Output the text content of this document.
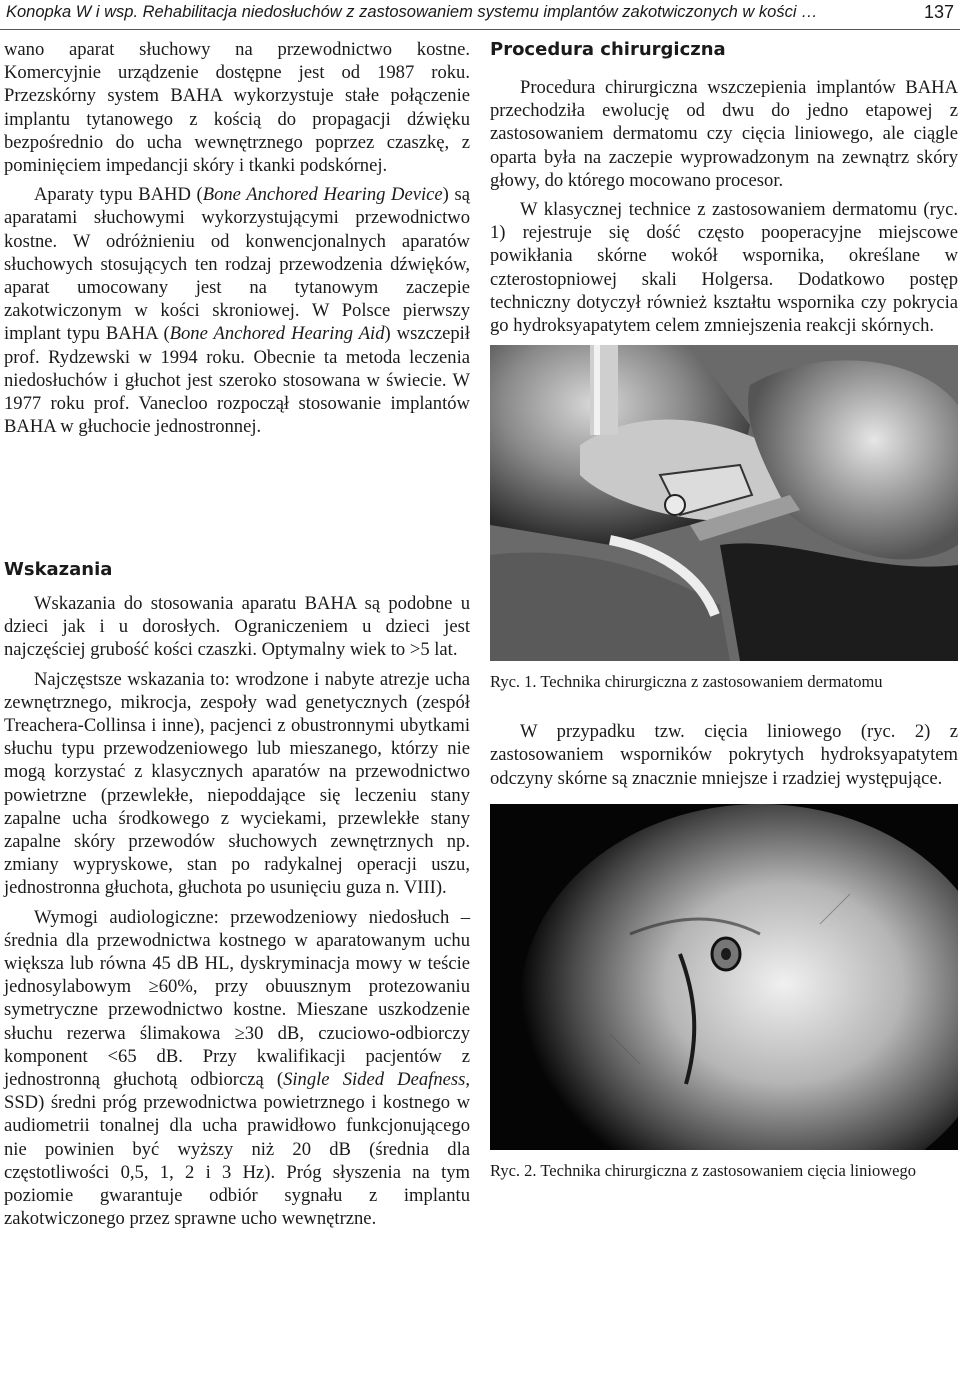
Konopka W i wsp. Rehabilitacja niedosłuchów z zastosowaniem systemu implantów zakotwiczonych w kości …	137

wano aparat słuchowy na przewodnictwo kostne. Komercyjnie urządzenie dostępne jest od 1987 roku. Przezskórny system BAHA wykorzystuje stałe połączenie implantu tytanowego z kością do propagacji dźwięku bezpośrednio do ucha wewnętrznego poprzez czaszkę, z pominięciem impedancji skóry i tkanki podskórnej.

Aparaty typu BAHD (Bone Anchored Hearing Device) są aparatami słuchowymi wykorzystującymi przewodnictwo kostne. W odróżnieniu od konwencjonalnych aparatów słuchowych stosujących ten rodzaj przewodzenia dźwięków, aparat umocowany jest na tytanowym zaczepie zakotwiczonym w kości skroniowej. W Polsce pierwszy implant typu BAHA (Bone Anchored Hearing Aid) wszczepił prof. Rydzewski w 1994 roku. Obecnie ta metoda leczenia niedosłuchów i głuchot jest szeroko stosowana w świecie. W 1977 roku prof. Vanecloo rozpoczął stosowanie implantów BAHA w głuchocie jednostronnej.

Wskazania

Wskazania do stosowania aparatu BAHA są podobne u dzieci jak i u dorosłych. Ograniczeniem u dzieci jest najczęściej grubość kości czaszki. Optymalny wiek to >5 lat.

Najczęstsze wskazania to: wrodzone i nabyte atrezje ucha zewnętrznego, mikrocja, zespoły wad genetycznych (zespół Treachera-Collinsa i inne), pacjenci z obustronnymi ubytkami słuchu typu przewodzeniowego lub mieszanego, którzy nie mogą korzystać z klasycznych aparatów na przewodnictwo powietrzne (przewlekłe, niepoddające się leczeniu stany zapalne ucha środkowego z wyciekami, przewlekłe stany zapalne skóry przewodów słuchowych zewnętrznych np. zmiany wypryskowe, stan po radykalnej operacji uszu, jednostronna głuchota, głuchota po usunięciu guza n. VIII).

Wymogi audiologiczne: przewodzeniowy niedosłuch – średnia dla przewodnictwa kostnego w aparatowanym uchu większa lub równa 45 dB HL, dyskryminacja mowy w teście jednosylabowym ≥60%, przy obuusznym protezowaniu symetryczne przewodnictwo kostne. Mieszane uszkodzenie słuchu rezerwa ślimakowa ≥30 dB, czuciowo-odbiorczy komponent <65 dB. Przy kwalifikacji pacjentów z jednostronną głuchotą odbiorczą (Single Sided Deafness, SSD) średni próg przewodnictwa powietrznego i kostnego w audiometrii tonalnej dla ucha prawidłowo funkcjonującego nie powinien być wyższy niż 20 dB (średnia dla częstotliwości 0,5, 1, 2 i 3 Hz). Próg słyszenia na tym poziomie gwarantuje odbiór sygnału z implantu zakotwiczonego przez sprawne ucho wewnętrzne.

Procedura chirurgiczna

Procedura chirurgiczna wszczepienia implantów BAHA przechodziła ewolucję od dwu do jedno etapowej z zastosowaniem dermatomu czy cięcia liniowego, ale ciągle oparta była na zaczepie wyprowadzonym na zewnątrz skóry głowy, do którego mocowano procesor.

W klasycznej technice z zastosowaniem dermatomu (ryc. 1) rejestruje się dość często pooperacyjne miejscowe powikłania skórne wokół wspornika, określane w czterostopniowej skali Holgersa. Dodatkowo postęp techniczny dotyczył również kształtu wspornika czy pokrycia go hydroksyapatytem celem zmniejszenia reakcji skórnych.

Ryc. 1. Technika chirurgiczna z zastosowaniem dermatomu

W przypadku tzw. cięcia liniowego (ryc. 2) z zastosowaniem wsporników pokrytych hydroksyapatytem odczyny skórne są znacznie mniejsze i rzadziej występujące.

Ryc. 2. Technika chirurgiczna z zastosowaniem cięcia liniowego
